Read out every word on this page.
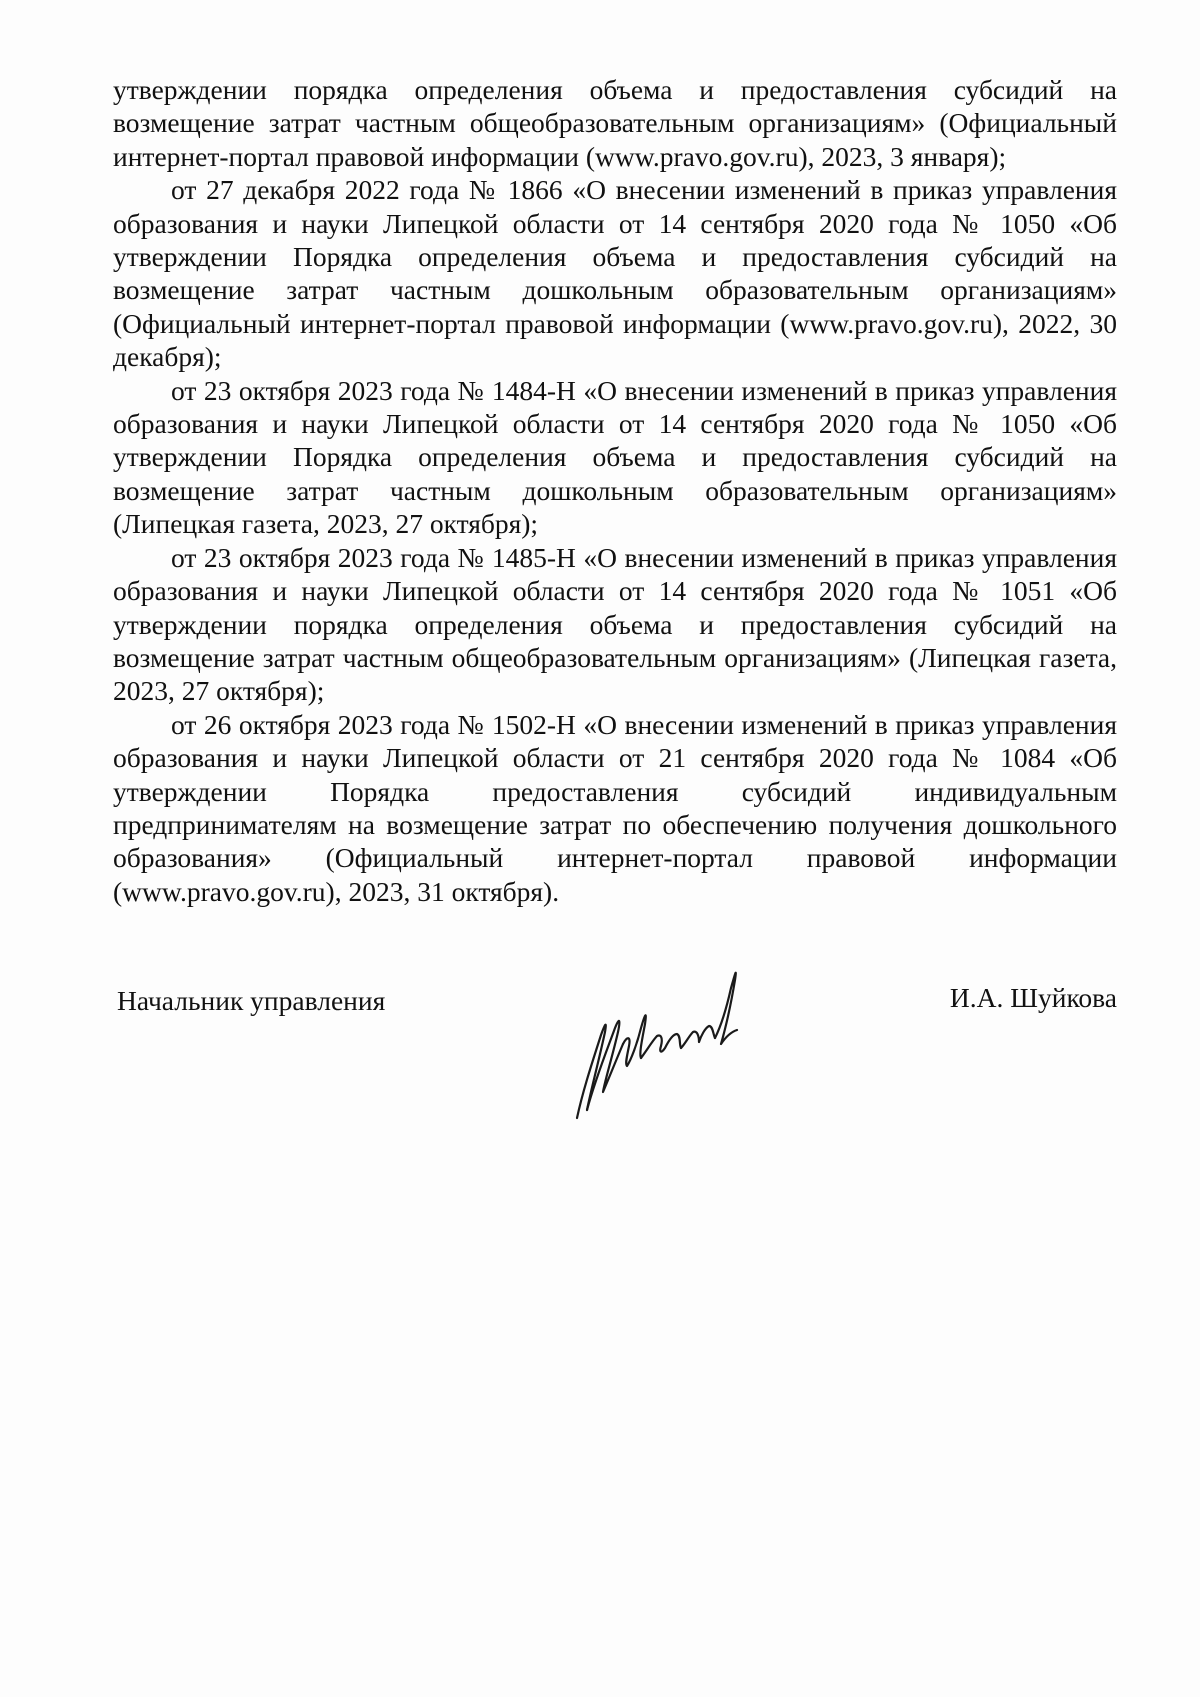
утверждении порядка определения объема и предоставления субсидий на возмещение затрат частным общеобразовательным организациям» (Официальный интернет-портал правовой информации (www.pravo.gov.ru), 2023, 3 января);

от 27 декабря 2022 года № 1866 «О внесении изменений в приказ управления образования и науки Липецкой области от 14 сентября 2020 года № 1050 «Об утверждении Порядка определения объема и предоставления субсидий на возмещение затрат частным дошкольным образовательным организациям» (Официальный интернет-портал правовой информации (www.pravo.gov.ru), 2022, 30 декабря);

от 23 октября 2023 года № 1484-Н «О внесении изменений в приказ управления образования и науки Липецкой области от 14 сентября 2020 года № 1050 «Об утверждении Порядка определения объема и предоставления субсидий на возмещение затрат частным дошкольным образовательным организациям» (Липецкая газета, 2023, 27 октября);

от 23 октября 2023 года № 1485-Н «О внесении изменений в приказ управления образования и науки Липецкой области от 14 сентября 2020 года № 1051 «Об утверждении порядка определения объема и предоставления субсидий на возмещение затрат частным общеобразовательным организациям» (Липецкая газета, 2023, 27 октября);

от 26 октября 2023 года № 1502-Н «О внесении изменений в приказ управления образования и науки Липецкой области от 21 сентября 2020 года № 1084 «Об утверждении Порядка предоставления субсидий индивидуальным предпринимателям на возмещение затрат по обеспечению получения дошкольного образования» (Официальный интернет-портал правовой информации (www.pravo.gov.ru), 2023, 31 октября).

Начальник управления	И.А. Шуйкова
